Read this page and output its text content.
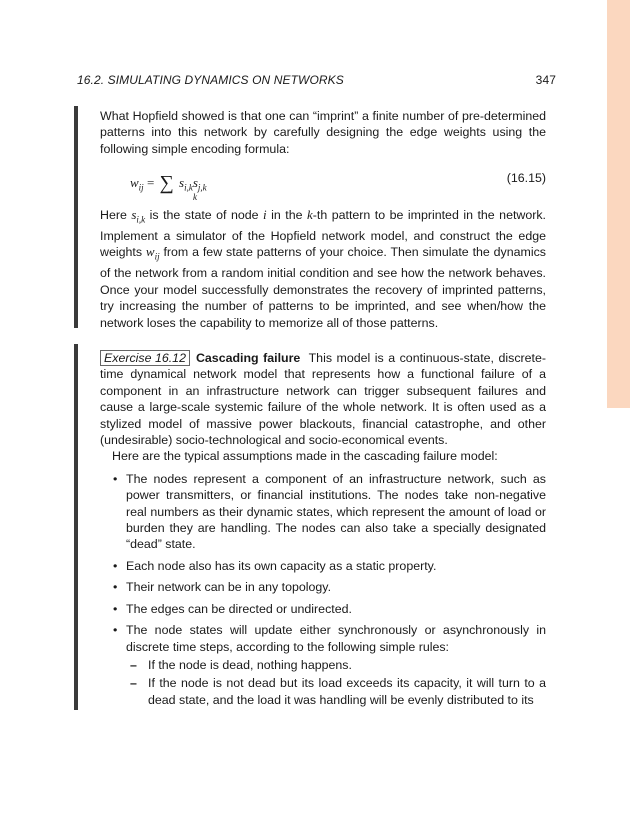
16.2. SIMULATING DYNAMICS ON NETWORKS	347

What Hopfield showed is that one can “imprint” a finite number of pre-determined patterns into this network by carefully designing the edge weights using the following simple encoding formula:

$w_{ij}$ = ∑
k
$s_{i,k}s_{j,k}$
(16.15)

Here $s_{i,k}$ is the state of node i in the k-th pattern to be imprinted in the network. Implement a simulator of the Hopfield network model, and construct the edge weights $w_{ij}$ from a few state patterns of your choice. Then simulate the dynamics of the network from a random initial condition and see how the network behaves. Once your model successfully demonstrates the recovery of imprinted patterns, try increasing the number of patterns to be imprinted, and see when/how the network loses the capability to memorize all of those patterns.

Exercise 16.12 Cascading failure This model is a continuous-state, discrete-time dynamical network model that represents how a functional failure of a component in an infrastructure network can trigger subsequent failures and cause a large-scale systemic failure of the whole network. It is often used as a stylized model of massive power blackouts, financial catastrophe, and other (undesirable) socio-technological and socio-economical events.

Here are the typical assumptions made in the cascading failure model:

• The nodes represent a component of an infrastructure network, such as power transmitters, or financial institutions. The nodes take non-negative real numbers as their dynamic states, which represent the amount of load or burden they are handling. The nodes can also take a specially designated “dead” state.
• Each node also has its own capacity as a static property.
• Their network can be in any topology.
• The edges can be directed or undirected.
• The node states will update either synchronously or asynchronously in discrete time steps, according to the following simple rules:
– If the node is dead, nothing happens.
– If the node is not dead but its load exceeds its capacity, it will turn to a dead state, and the load it was handling will be evenly distributed to its
